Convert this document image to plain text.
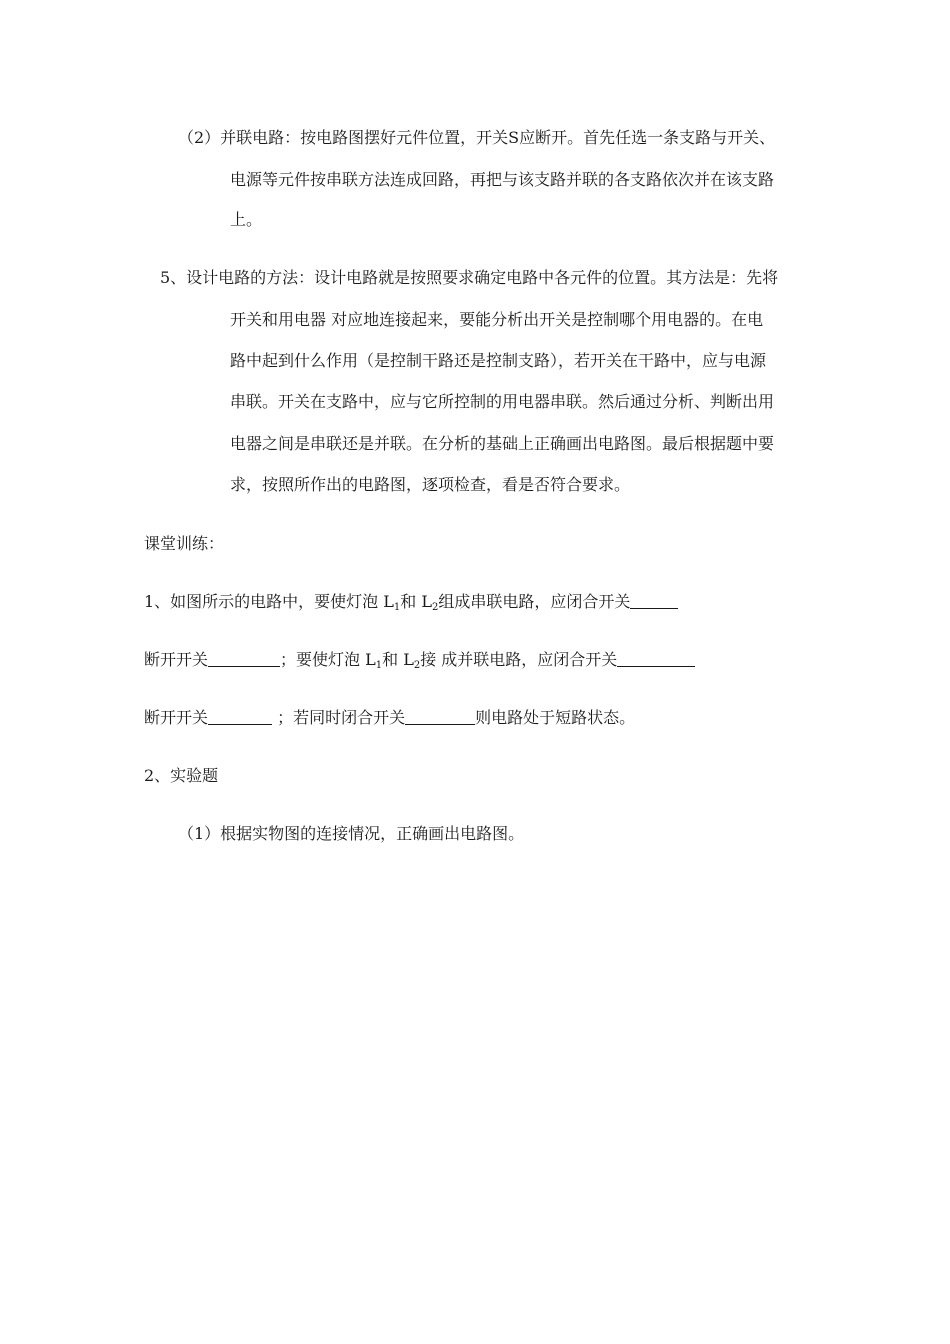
（2）并联电路：按电路图摆好元件位置，开关S应断开。首先任选一条支路与开关、
电源等元件按串联方法连成回路，再把与该支路并联的各支路依次并在该支路
上。
5、设计电路的方法：设计电路就是按照要求确定电路中各元件的位置。其方法是：先将
开关和用电器 对应地连接起来，要能分析出开关是控制哪个用电器的。在电
路中起到什么作用（是控制干路还是控制支路），若开关在干路中，应与电源
串联。开关在支路中，应与它所控制的用电器串联。然后通过分析、判断出用
电器之间是串联还是并联。在分析的基础上正确画出电路图。最后根据题中要
求，按照所作出的电路图，逐项检查，看是否符合要求。
课堂训练：
1、如图所示的电路中，要使灯泡 $L_1$和 $L_2$组成串联电路，应闭合开关
断开开关	；要使灯泡 $L_1$和 $L_2$接 成并联电路，应闭合开关
断开开关	；若同时闭合开关	则电路处于短路状态。
2、实验题
（1）根据实物图的连接情况，正确画出电路图。
